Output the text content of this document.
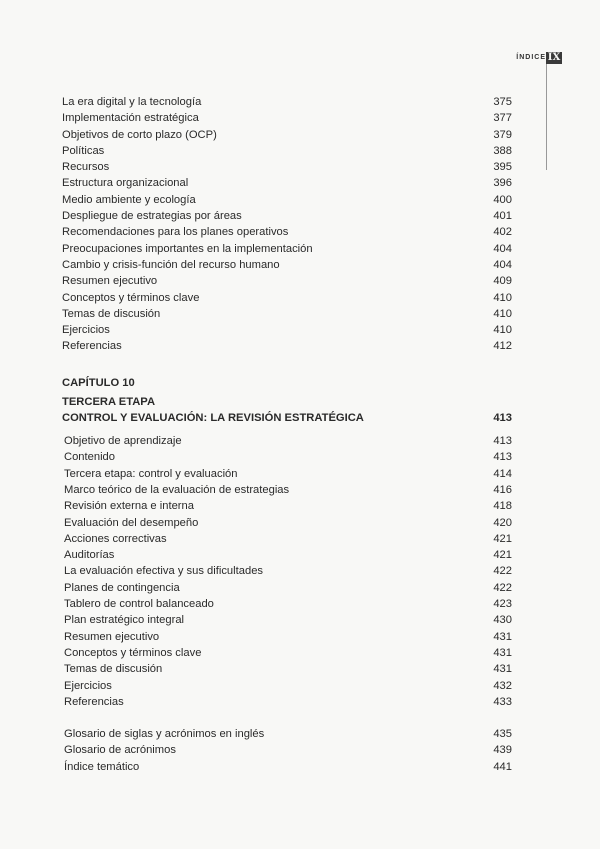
ÍNDICE IX
La era digital y la tecnología	375
Implementación estratégica	377
Objetivos de corto plazo (OCP)	379
Políticas	388
Recursos	395
Estructura organizacional	396
Medio ambiente y ecología	400
Despliegue de estrategias por áreas	401
Recomendaciones para los planes operativos	402
Preocupaciones importantes en la implementación	404
Cambio y crisis-función del recurso humano	404
Resumen ejecutivo	409
Conceptos y términos clave	410
Temas de discusión	410
Ejercicios	410
Referencias	412
CAPÍTULO 10
TERCERA ETAPA
CONTROL Y EVALUACIÓN: LA REVISIÓN ESTRATÉGICA	413
Objetivo de aprendizaje	413
Contenido	413
Tercera etapa: control y evaluación	414
Marco teórico de la evaluación de estrategias	416
Revisión externa e interna	418
Evaluación del desempeño	420
Acciones correctivas	421
Auditorías	421
La evaluación efectiva y sus dificultades	422
Planes de contingencia	422
Tablero de control balanceado	423
Plan estratégico integral	430
Resumen ejecutivo	431
Conceptos y términos clave	431
Temas de discusión	431
Ejercicios	432
Referencias	433
Glosario de siglas y acrónimos en inglés	435
Glosario de acrónimos	439
Índice temático	441
